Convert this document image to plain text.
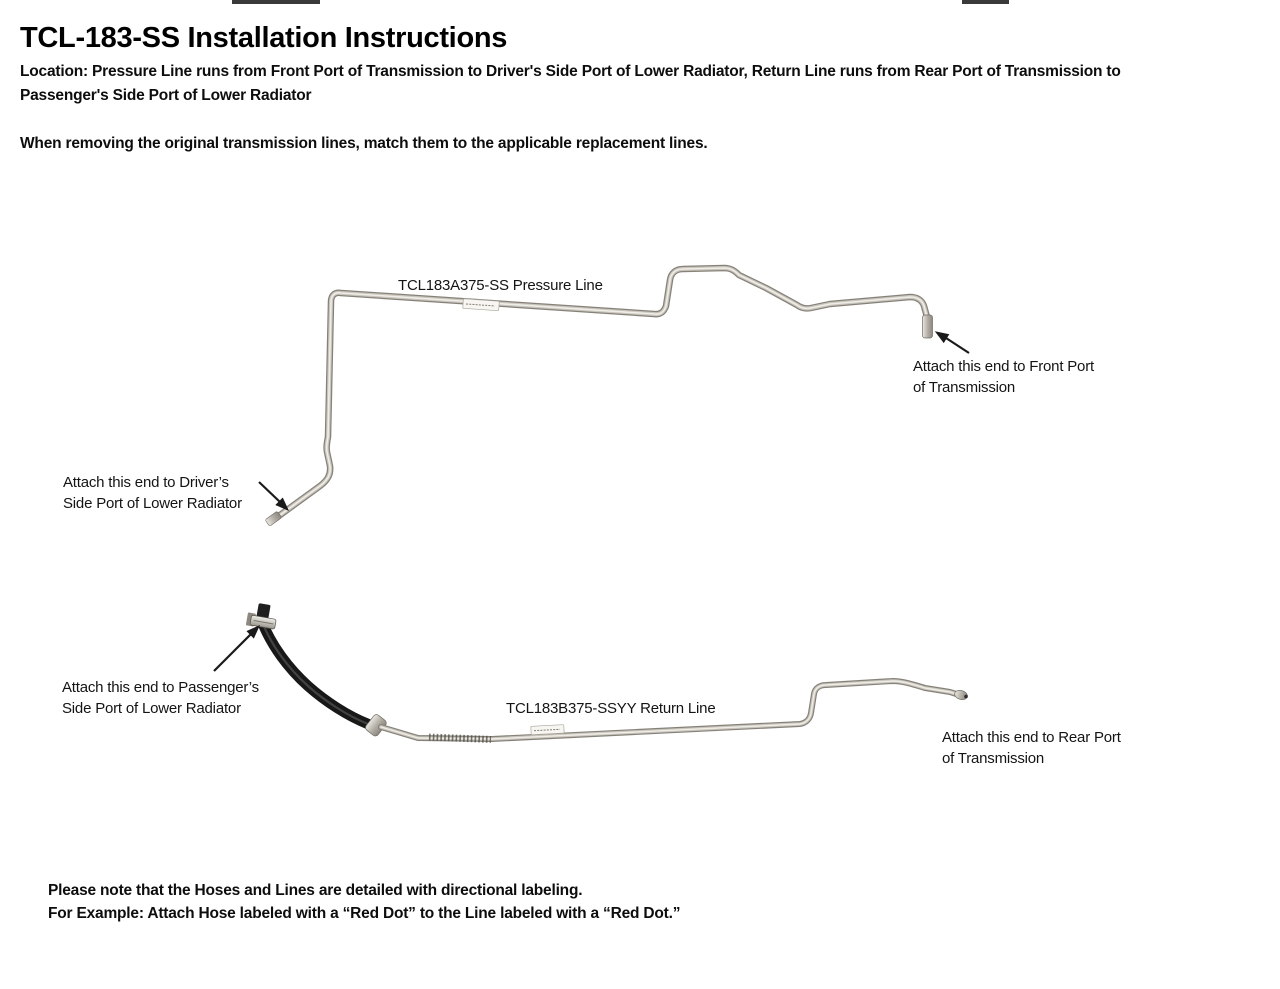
TCL-183-SS Installation Instructions
Location: Pressure Line runs from Front Port of Transmission to Driver's Side Port of Lower Radiator, Return Line runs from Rear Port of Transmission to
Passenger's Side Port of Lower Radiator
When removing the original transmission lines, match them to the applicable replacement lines.
TCL183A375-SS Pressure Line
Attach this end to Front Port
of Transmission
Attach this end to Driver’s
Side Port of Lower Radiator
Attach this end to Passenger’s
Side Port of Lower Radiator	TCL183B375-SSYY Return Line
Attach this end to Rear Port
of Transmission
Please note that the Hoses and Lines are detailed with directional labeling.
For Example: Attach Hose labeled with a “Red Dot” to the Line labeled with a “Red Dot.”
